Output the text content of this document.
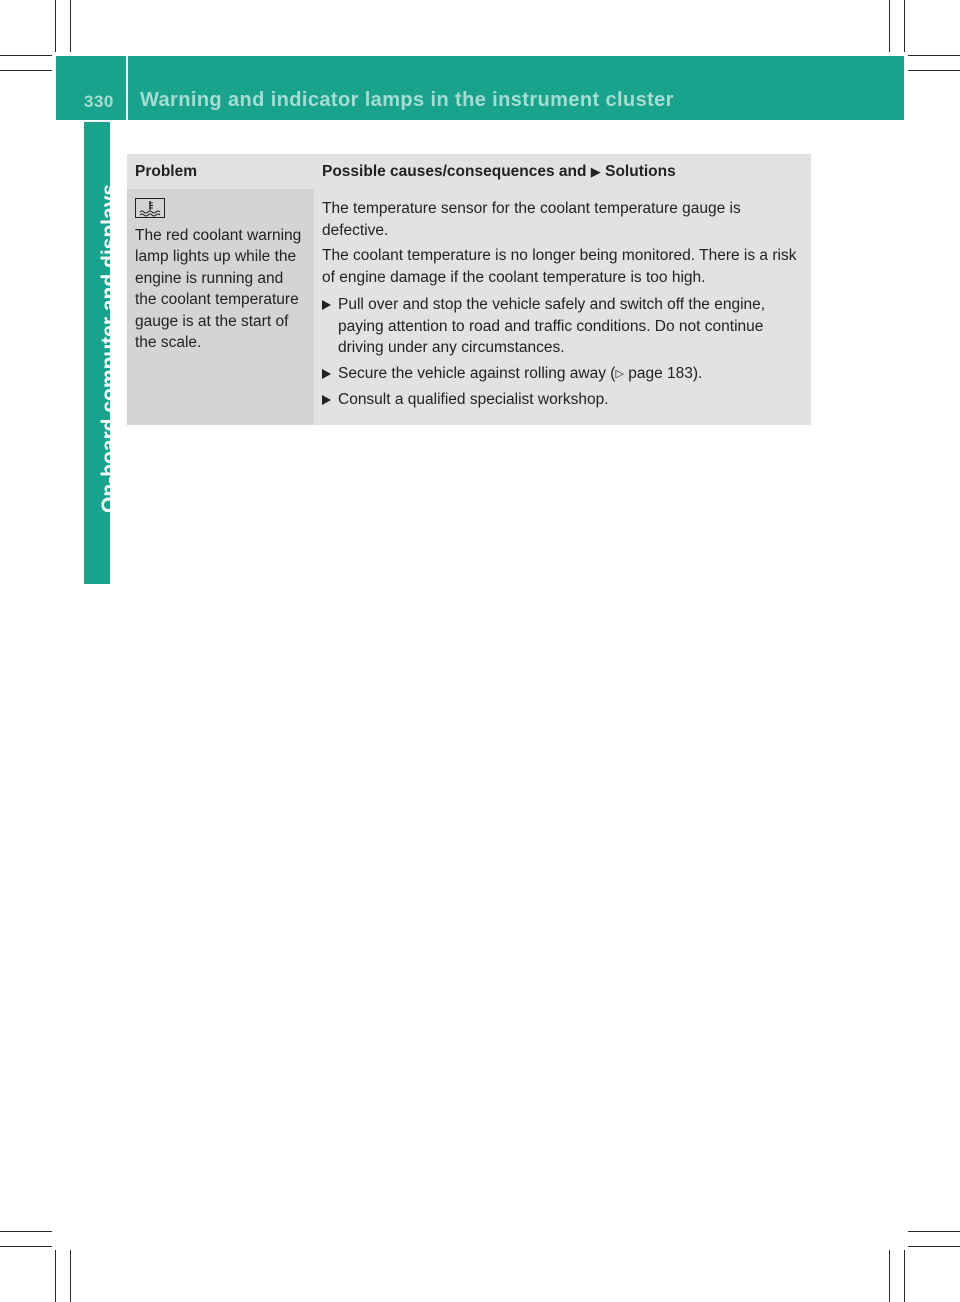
330 Warning and indicator lamps in the instrument cluster
On-board computer and displays
Problem	Possible causes/consequences and ▶ Solutions

The red coolant warning lamp lights up while the engine is running and the coolant temperature gauge is at the start of the scale.	The temperature sensor for the coolant temperature gauge is defective.

The coolant temperature is no longer being monitored. There is a risk of engine damage if the coolant temperature is too high.

Pull over and stop the vehicle safely and switch off the engine, paying attention to road and traffic conditions. Do not continue driving under any circumstances.
Secure the vehicle against rolling away (▷ page 183).
Consult a qualified specialist workshop.
